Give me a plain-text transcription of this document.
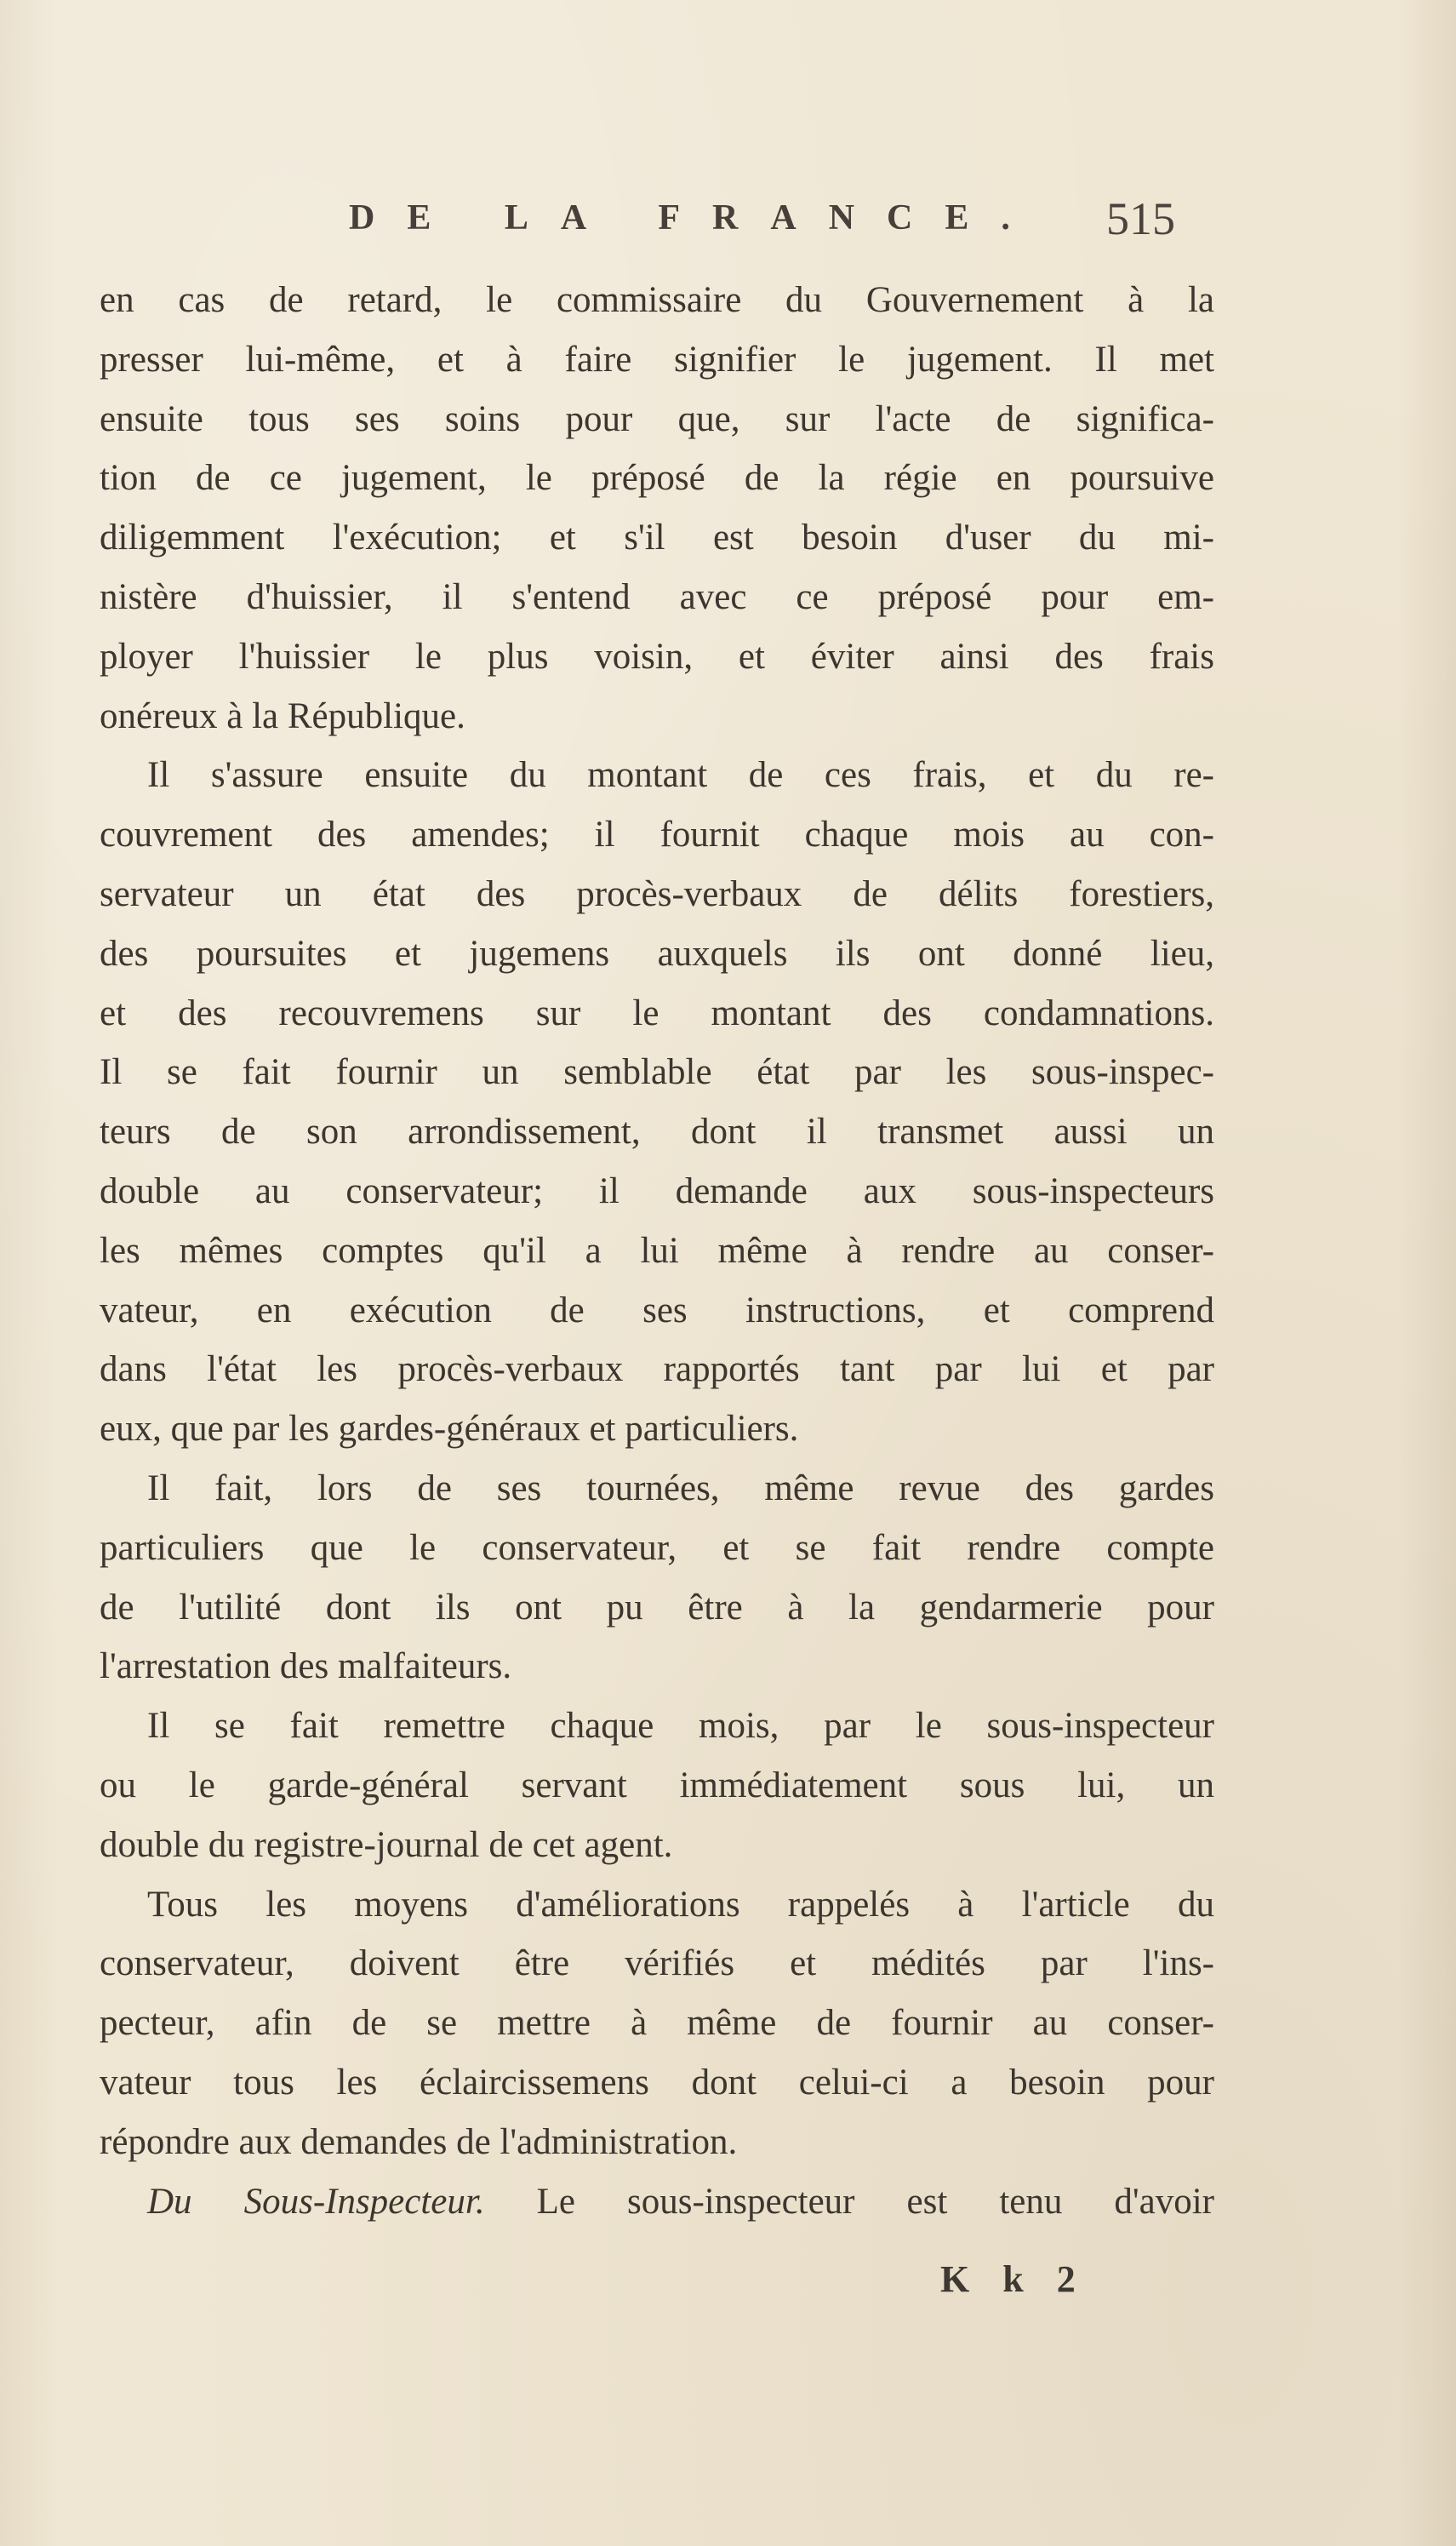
DE LA FRANCE. 515
en cas de retard, le commissaire du Gouvernement à la
presser lui-même, et à faire signifier le jugement. Il met
ensuite tous ses soins pour que, sur l'acte de significa-
tion de ce jugement, le préposé de la régie en poursuive
diligemment l'exécution; et s'il est besoin d'user du mi-
nistère d'huissier, il s'entend avec ce préposé pour em-
ployer l'huissier le plus voisin, et éviter ainsi des frais
onéreux à la République.
Il s'assure ensuite du montant de ces frais, et du re-
couvrement des amendes; il fournit chaque mois au con-
servateur un état des procès-verbaux de délits forestiers,
des poursuites et jugemens auxquels ils ont donné lieu,
et des recouvremens sur le montant des condamnations.
Il se fait fournir un semblable état par les sous-inspec-
teurs de son arrondissement, dont il transmet aussi un
double au conservateur; il demande aux sous-inspecteurs
les mêmes comptes qu'il a lui même à rendre au conser-
vateur, en exécution de ses instructions, et comprend
dans l'état les procès-verbaux rapportés tant par lui et par
eux, que par les gardes-généraux et particuliers.
Il fait, lors de ses tournées, même revue des gardes
particuliers que le conservateur, et se fait rendre compte
de l'utilité dont ils ont pu être à la gendarmerie pour
l'arrestation des malfaiteurs.
Il se fait remettre chaque mois, par le sous-inspecteur
ou le garde-général servant immédiatement sous lui, un
double du registre-journal de cet agent.
Tous les moyens d'améliorations rappelés à l'article du
conservateur, doivent être vérifiés et médités par l'ins-
pecteur, afin de se mettre à même de fournir au conser-
vateur tous les éclaircissemens dont celui-ci a besoin pour
répondre aux demandes de l'administration.
Du Sous-Inspecteur. Le sous-inspecteur est tenu d'avoir
K k 2
